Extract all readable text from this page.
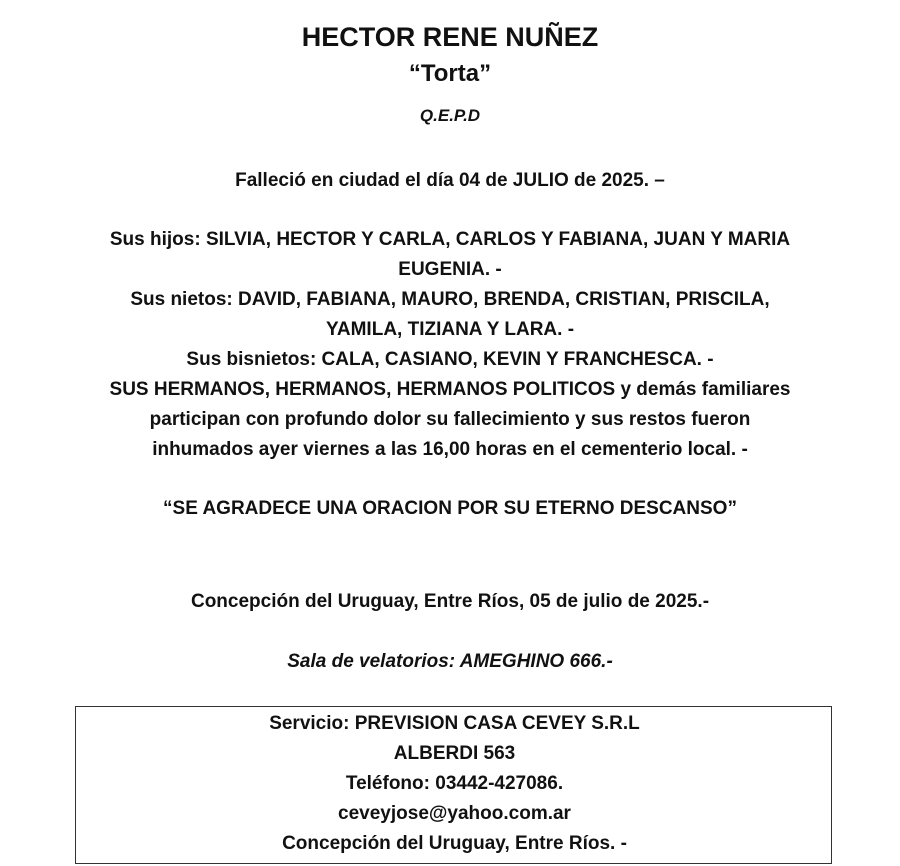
HECTOR RENE NUÑEZ
“Torta”
Q.E.P.D
Falleció en ciudad el día 04 de JULIO de 2025. –
Sus hijos: SILVIA, HECTOR Y CARLA, CARLOS Y FABIANA, JUAN Y MARIA
EUGENIA. -
Sus nietos: DAVID, FABIANA, MAURO, BRENDA, CRISTIAN, PRISCILA,
YAMILA, TIZIANA Y LARA. -
Sus bisnietos: CALA, CASIANO, KEVIN Y FRANCHESCA. -
SUS HERMANOS, HERMANOS, HERMANOS POLITICOS y demás familiares
participan con profundo dolor su fallecimiento y sus restos fueron
inhumados ayer viernes a las 16,00 horas en el cementerio local. -
“SE AGRADECE UNA ORACION POR SU ETERNO DESCANSO”
Concepción del Uruguay, Entre Ríos, 05 de julio de 2025.-
Sala de velatorios: AMEGHINO 666.-
Servicio: PREVISION CASA CEVEY S.R.L
ALBERDI 563
Teléfono: 03442-427086.
ceveyjose@yahoo.com.ar
Concepción del Uruguay, Entre Ríos. -
